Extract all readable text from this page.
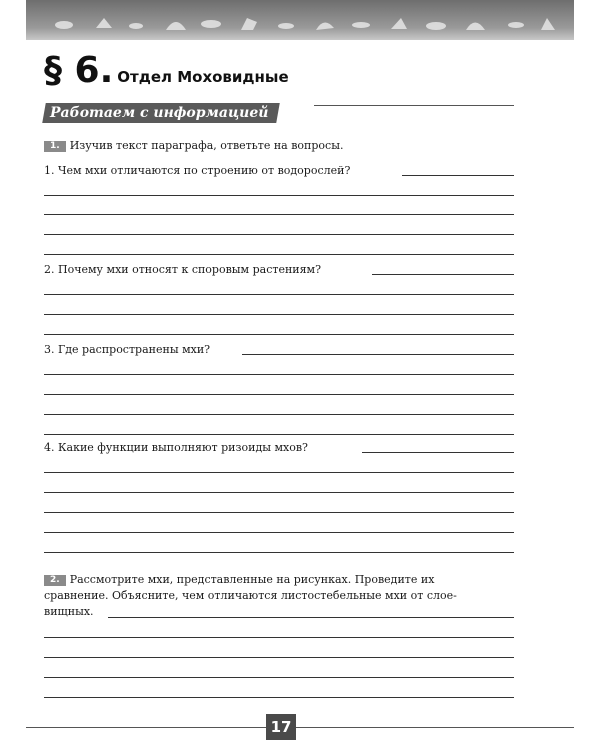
§ 6. Отдел Моховидные
Работаем с информацией
1. Изучив текст параграфа, ответьте на вопросы.
1. Чем мхи отличаются по строению от водорослей?
2. Почему мхи относят к споровым растениям?
3. Где распространены мхи?
4. Какие функции выполняют ризоиды мхов?
2. Рассмотрите мхи, представленные на рисунках. Проведите их
сравнение. Объясните, чем отличаются листостебельные мхи от слое-
вищных.
17
